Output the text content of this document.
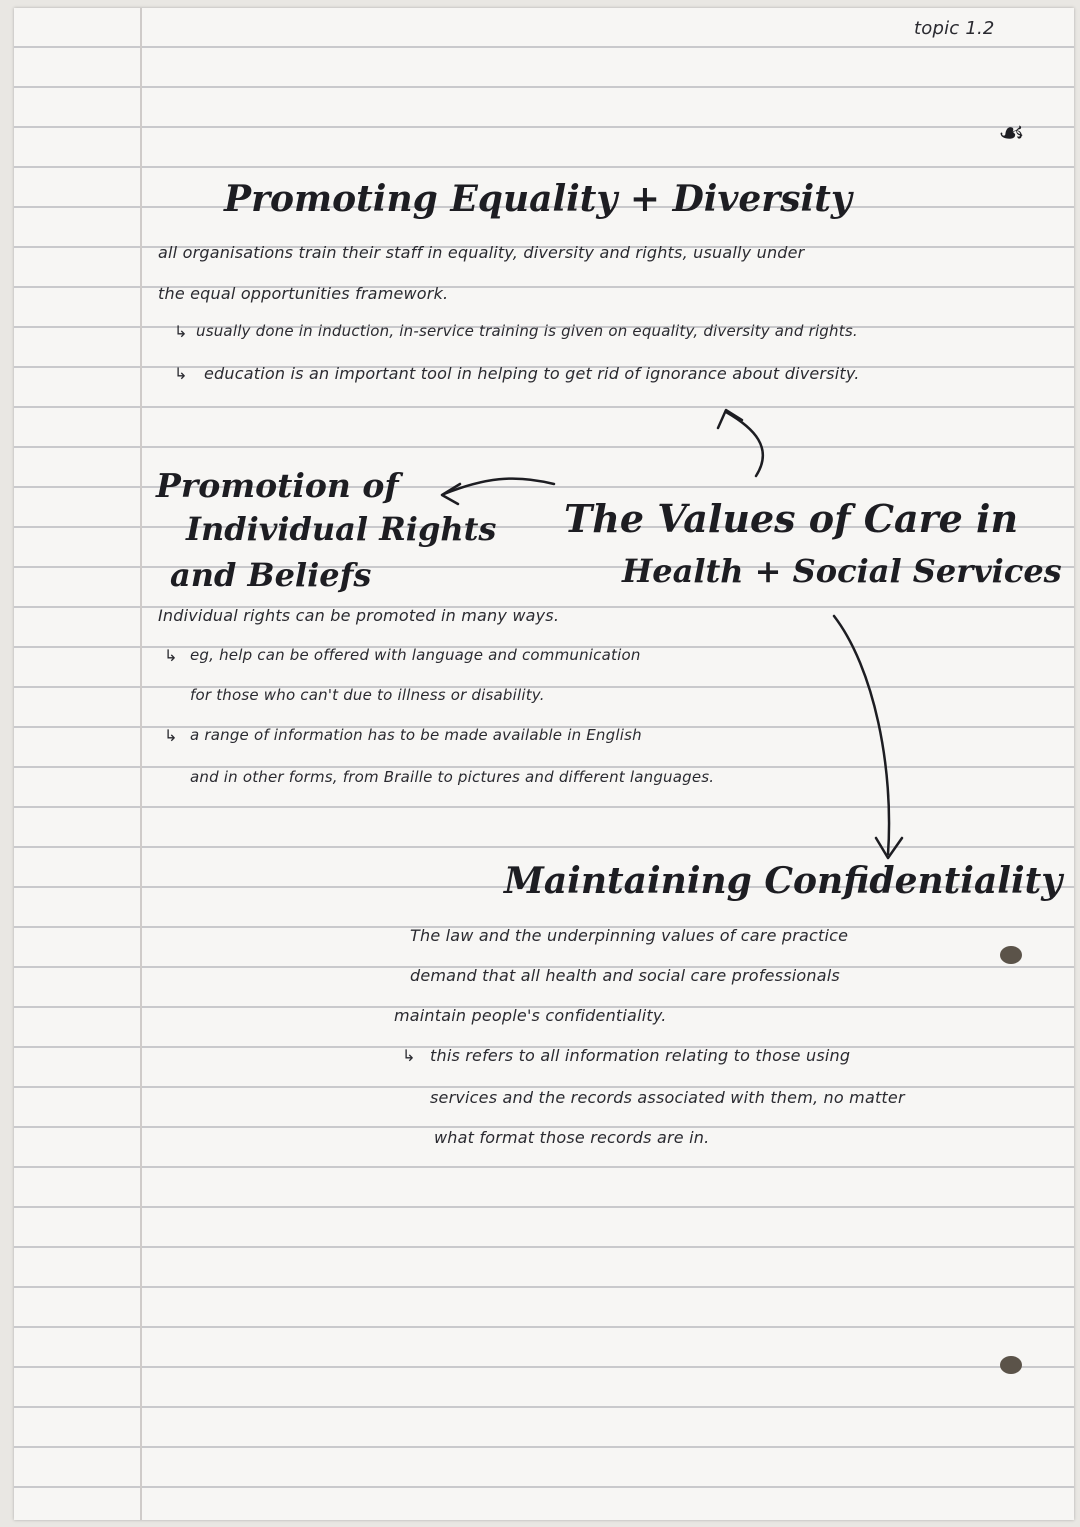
topic 1.2
☙
Promoting Equality + Diversity
all organisations train their staff in equality, diversity and rights, usually under
the equal opportunities framework.
↳ usually done in induction, in-service training is given on equality, diversity and rights.
↳ education is an important tool in helping to get rid of ignorance about diversity.
The Values of Care in
Health + Social Services
Promotion of
Individual Rights
and Beliefs
Individual rights can be promoted in many ways.
↳ eg, help can be offered with language and communication
for those who can't due to illness or disability.
↳ a range of information has to be made available in English
and in other forms, from Braille to pictures and different languages.
Maintaining Confidentiality
The law and the underpinning values of care practice
demand that all health and social care professionals
maintain people's confidentiality.
↳ this refers to all information relating to those using
services and the records associated with them, no matter
what format those records are in.
